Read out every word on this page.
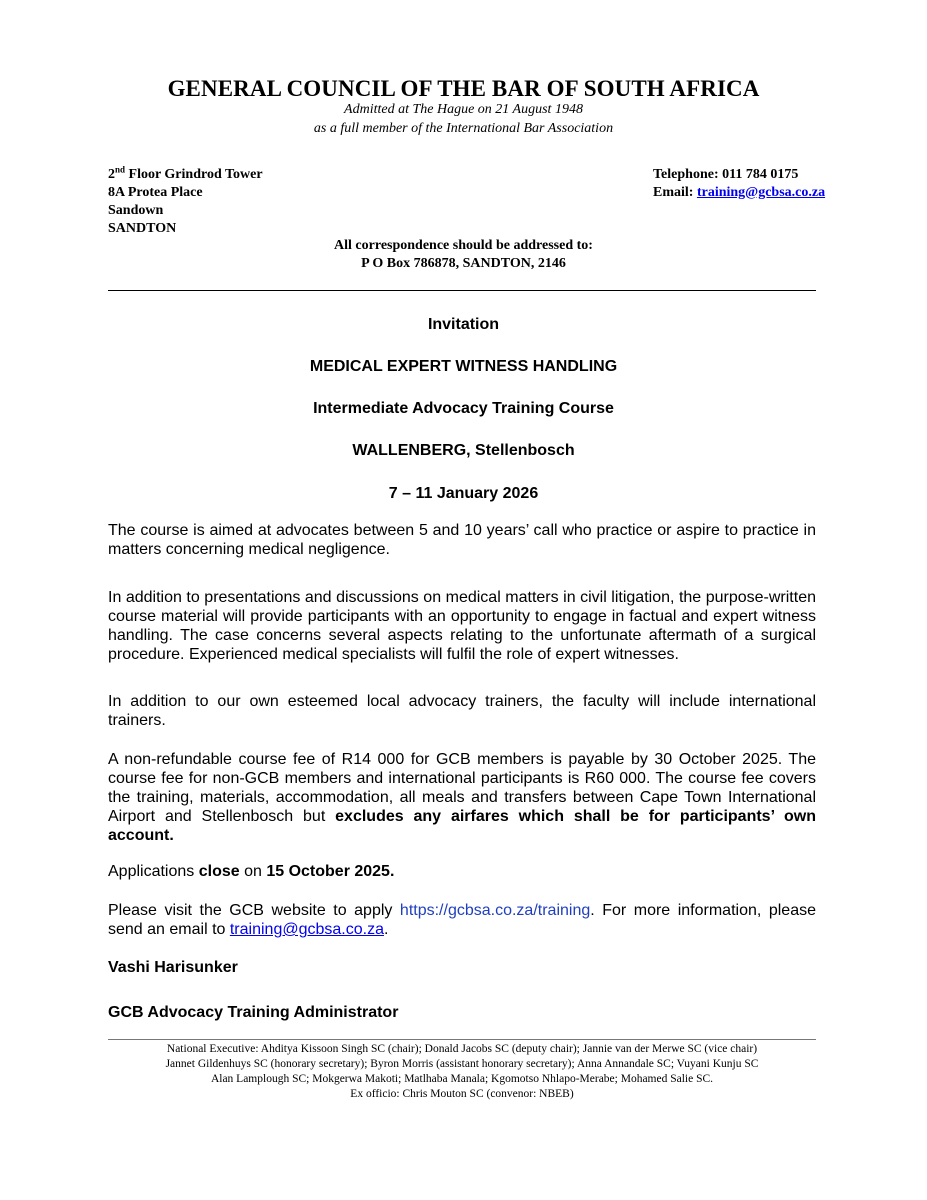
GENERAL COUNCIL OF THE BAR OF SOUTH AFRICA
Admitted at The Hague on 21 August 1948
as a full member of the International Bar Association
2nd Floor Grindrod Tower
8A Protea Place
Sandown
SANDTON
Telephone: 011 784 0175
Email: training@gcbsa.co.za
All correspondence should be addressed to:
P O Box 786878, SANDTON, 2146
Invitation
MEDICAL EXPERT WITNESS HANDLING
Intermediate Advocacy Training Course
WALLENBERG, Stellenbosch
7 – 11 January 2026
The course is aimed at advocates between 5 and 10 years’ call who practice or aspire to practice in matters concerning medical negligence.
In addition to presentations and discussions on medical matters in civil litigation, the purpose-written course material will provide participants with an opportunity to engage in factual and expert witness handling. The case concerns several aspects relating to the unfortunate aftermath of a surgical procedure. Experienced medical specialists will fulfil the role of expert witnesses.
In addition to our own esteemed local advocacy trainers, the faculty will include international trainers.
A non-refundable course fee of R14 000 for GCB members is payable by 30 October 2025. The course fee for non-GCB members and international participants is R60 000. The course fee covers the training, materials, accommodation, all meals and transfers between Cape Town International Airport and Stellenbosch but excludes any airfares which shall be for participants’ own account.
Applications close on 15 October 2025.
Please visit the GCB website to apply https://gcbsa.co.za/training. For more information, please send an email to training@gcbsa.co.za.
Vashi Harisunker
GCB Advocacy Training Administrator
National Executive: Ahditya Kissoon Singh SC (chair); Donald Jacobs SC (deputy chair); Jannie van der Merwe SC (vice chair)
Jannet Gildenhuys SC (honorary secretary); Byron Morris (assistant honorary secretary); Anna Annandale SC; Vuyani Kunju SC
Alan Lamplough SC; Mokgerwa Makoti; Matlhaba Manala; Kgomotso Nhlapo-Merabe; Mohamed Salie SC.
Ex officio: Chris Mouton SC (convenor: NBEB)
